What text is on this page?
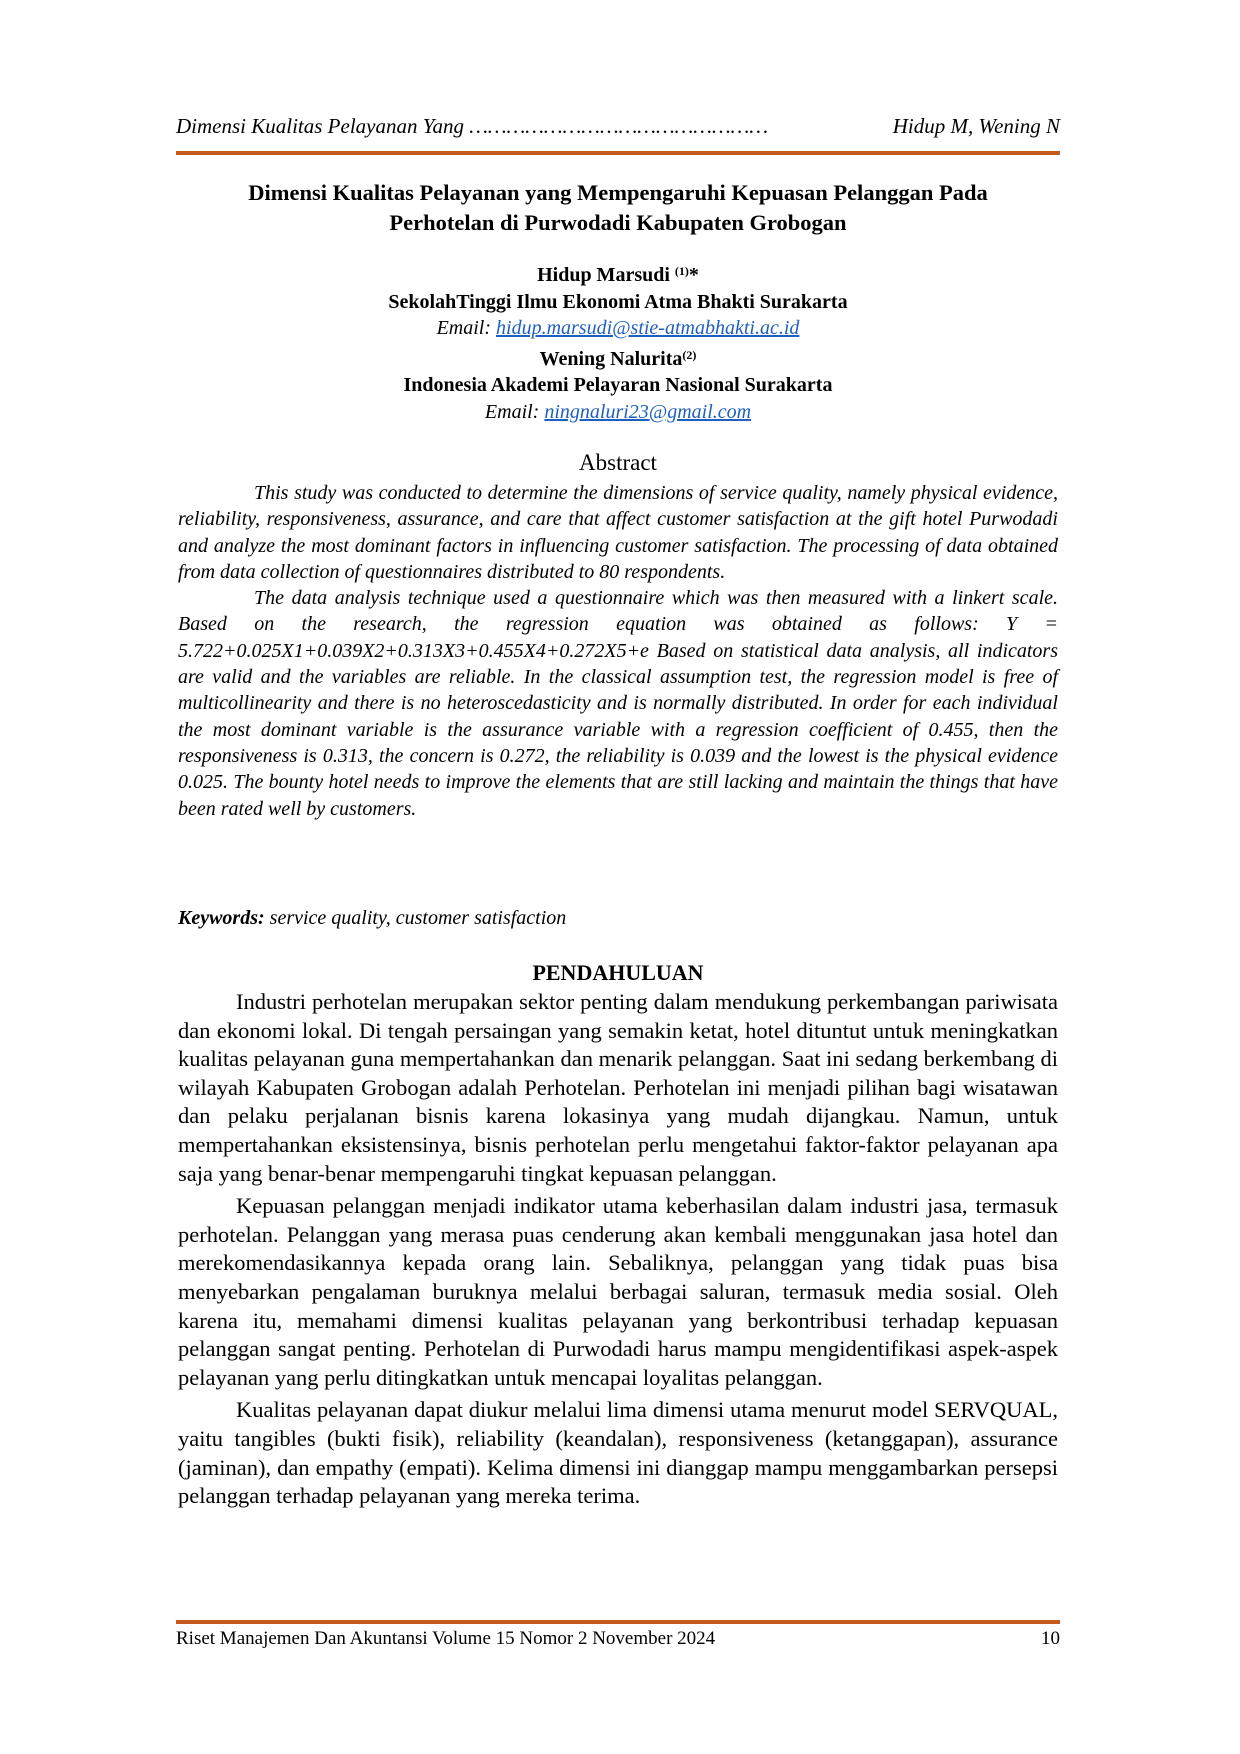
Dimensi Kualitas Pelayanan Yang …………………………………………	Hidup M, Wening N
Dimensi Kualitas Pelayanan yang Mempengaruhi Kepuasan Pelanggan Pada
Perhotelan di Purwodadi Kabupaten Grobogan
Hidup Marsudi $^{(1)}$*
SekolahTinggi Ilmu Ekonomi Atma Bhakti Surakarta
Email: hidup.marsudi@stie-atmabhakti.ac.id
Wening Nalurita$^{(2)}$
Indonesia Akademi Pelayaran Nasional Surakarta
Email: ningnaluri23@gmail.com
Abstract

This study was conducted to determine the dimensions of service quality, namely physical evidence, reliability, responsiveness, assurance, and care that affect customer satisfaction at the gift hotel Purwodadi and analyze the most dominant factors in influencing customer satisfaction. The processing of data obtained from data collection of questionnaires distributed to 80 respondents.

The data analysis technique used a questionnaire which was then measured with a linkert scale. Based on the research, the regression equation was obtained as follows: Y = 5.722+0.025X1+0.039X2+0.313X3+0.455X4+0.272X5+e Based on statistical data analysis, all indicators are valid and the variables are reliable. In the classical assumption test, the regression model is free of multicollinearity and there is no heteroscedasticity and is normally distributed. In order for each individual the most dominant variable is the assurance variable with a regression coefficient of 0.455, then the responsiveness is 0.313, the concern is 0.272, the reliability is 0.039 and the lowest is the physical evidence 0.025. The bounty hotel needs to improve the elements that are still lacking and maintain the things that have been rated well by customers.

Keywords: service quality, customer satisfaction
PENDAHULUAN

Industri perhotelan merupakan sektor penting dalam mendukung perkembangan pariwisata dan ekonomi lokal. Di tengah persaingan yang semakin ketat, hotel dituntut untuk meningkatkan kualitas pelayanan guna mempertahankan dan menarik pelanggan. Saat ini sedang berkembang di wilayah Kabupaten Grobogan adalah Perhotelan. Perhotelan ini menjadi pilihan bagi wisatawan dan pelaku perjalanan bisnis karena lokasinya yang mudah dijangkau. Namun, untuk mempertahankan eksistensinya, bisnis perhotelan perlu mengetahui faktor-faktor pelayanan apa saja yang benar-benar mempengaruhi tingkat kepuasan pelanggan.

Kepuasan pelanggan menjadi indikator utama keberhasilan dalam industri jasa, termasuk perhotelan. Pelanggan yang merasa puas cenderung akan kembali menggunakan jasa hotel dan merekomendasikannya kepada orang lain. Sebaliknya, pelanggan yang tidak puas bisa menyebarkan pengalaman buruknya melalui berbagai saluran, termasuk media sosial. Oleh karena itu, memahami dimensi kualitas pelayanan yang berkontribusi terhadap kepuasan pelanggan sangat penting. Perhotelan di Purwodadi harus mampu mengidentifikasi aspek-aspek pelayanan yang perlu ditingkatkan untuk mencapai loyalitas pelanggan.

Kualitas pelayanan dapat diukur melalui lima dimensi utama menurut model SERVQUAL, yaitu tangibles (bukti fisik), reliability (keandalan), responsiveness (ketanggapan), assurance (jaminan), dan empathy (empati). Kelima dimensi ini dianggap mampu menggambarkan persepsi pelanggan terhadap pelayanan yang mereka terima.

Riset Manajemen Dan Akuntansi Volume 15 Nomor 2 November 2024	10
